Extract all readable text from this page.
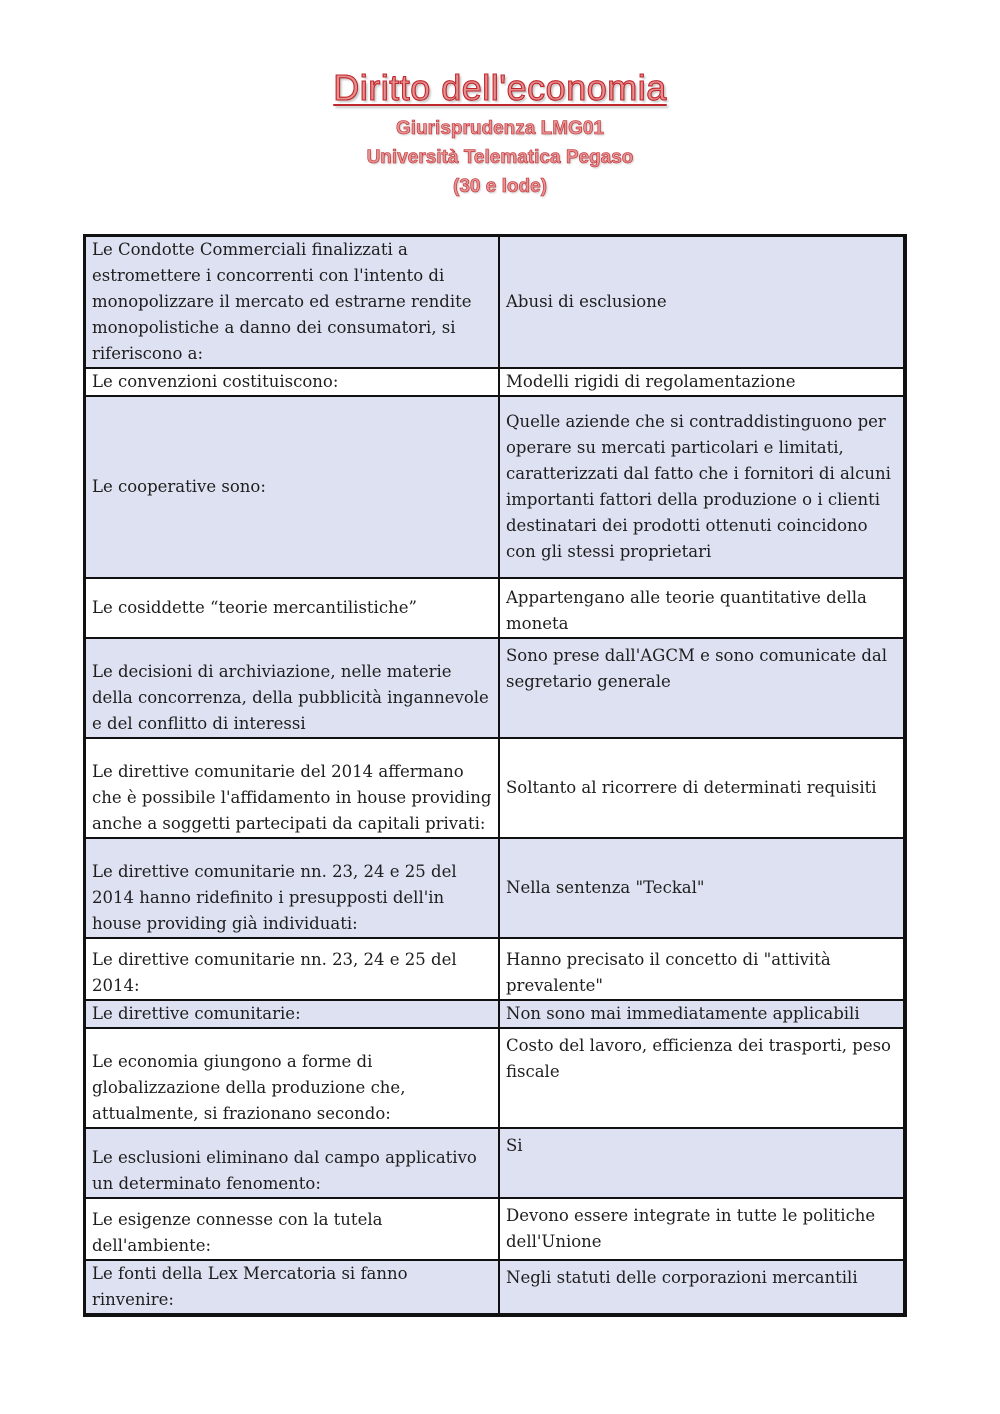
Diritto dell'economia
Giurisprudenza LMG01
Università Telematica Pegaso
(30 e lode)
Le Condotte Commerciali finalizzati a estromettere i concorrenti con l'intento di monopolizzare il mercato ed estrarne rendite monopolistiche a danno dei consumatori, si riferiscono a:	Abusi di esclusione
Le convenzioni costituiscono:	Modelli rigidi di regolamentazione
Le cooperative sono:	Quelle aziende che si contraddistinguono per operare su mercati particolari e limitati, caratterizzati dal fatto che i fornitori di alcuni importanti fattori della produzione o i clienti destinatari dei prodotti ottenuti coincidono con gli stessi proprietari
Le cosiddette “teorie mercantilistiche”	Appartengano alle teorie quantitative della moneta
Le decisioni di archiviazione, nelle materie della concorrenza, della pubblicità ingannevole e del conflitto di interessi	Sono prese dall'AGCM e sono comunicate dal segretario generale
Le direttive comunitarie del 2014 affermano che è possibile l'affidamento in house providing anche a soggetti partecipati da capitali privati:	Soltanto al ricorrere di determinati requisiti
Le direttive comunitarie nn. 23, 24 e 25 del 2014 hanno ridefinito i presupposti dell'in house providing già individuati:	Nella sentenza "Teckal"
Le direttive comunitarie nn. 23, 24 e 25 del 2014:	Hanno precisato il concetto di "attività prevalente"
Le direttive comunitarie:	Non sono mai immediatamente applicabili
Le economia giungono a forme di globalizzazione della produzione che, attualmente, si frazionano secondo:	Costo del lavoro, efficienza dei trasporti, peso fiscale
Le esclusioni eliminano dal campo applicativo un determinato fenomento:	Si
Le esigenze connesse con la tutela dell'ambiente:	Devono essere integrate in tutte le politiche dell'Unione
Le fonti della Lex Mercatoria si fanno rinvenire:	Negli statuti delle corporazioni mercantili
